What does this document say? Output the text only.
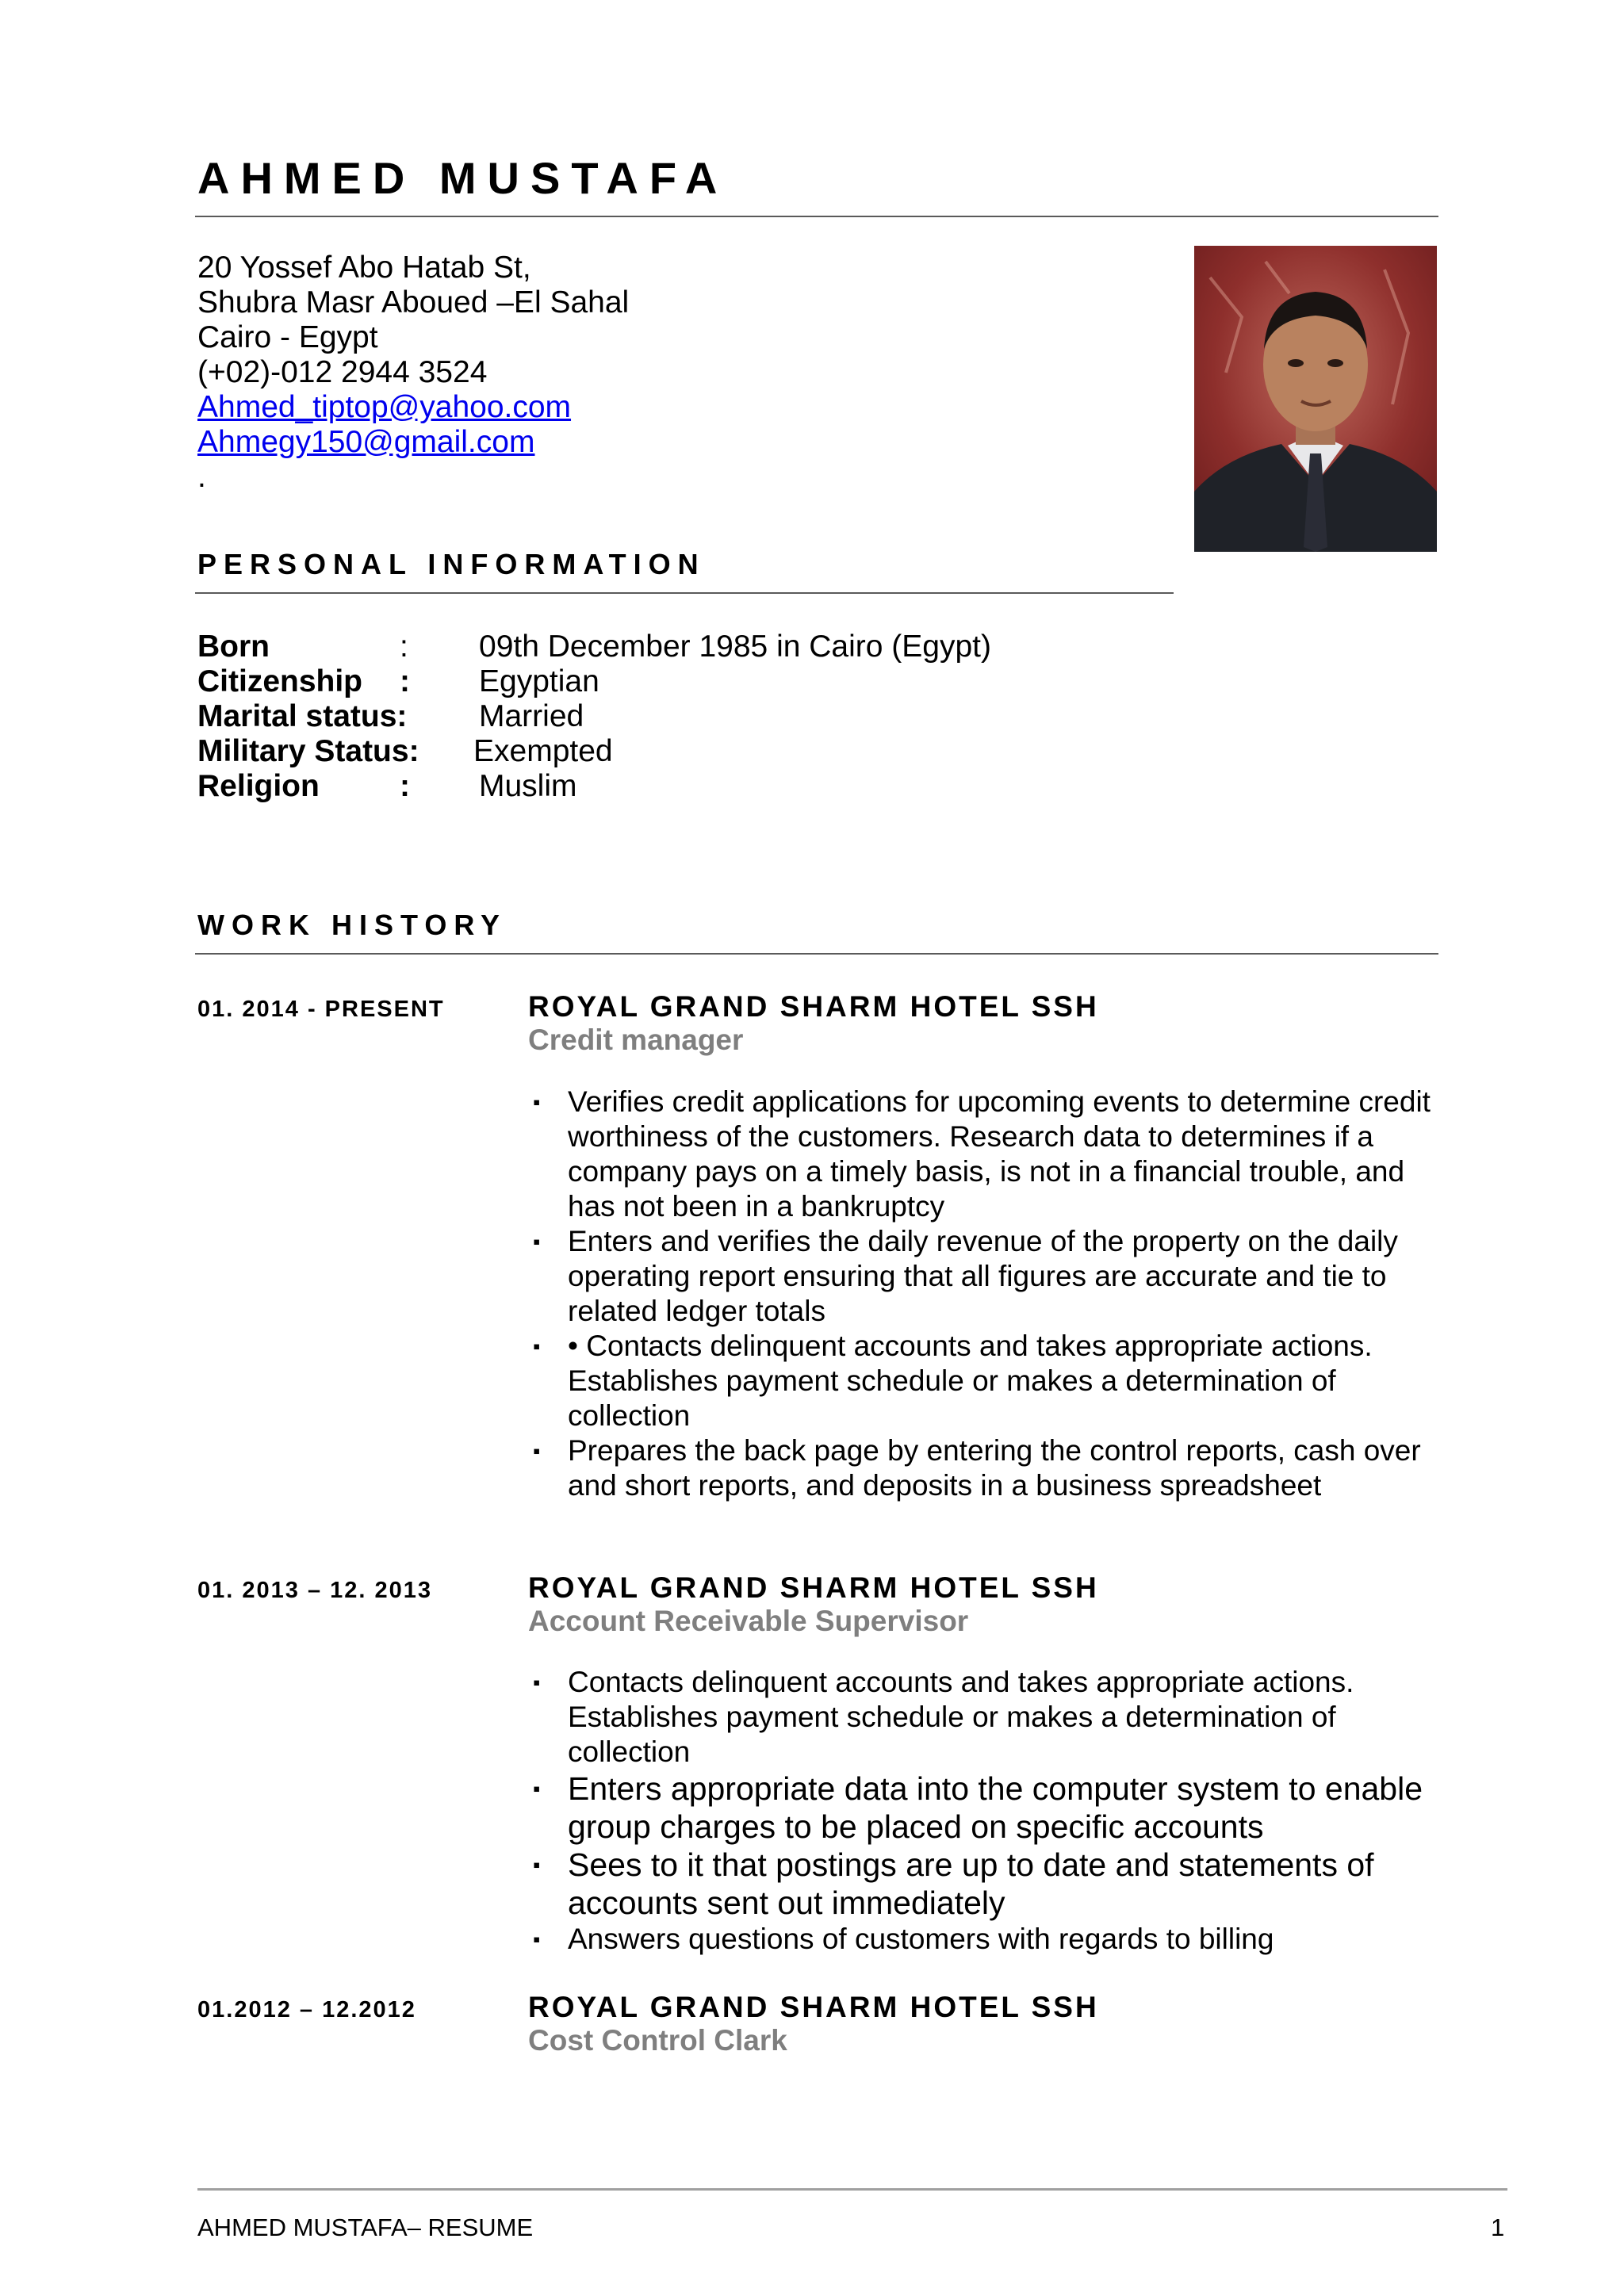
AHMED MUSTAFA
20 Yossef Abo Hatab St,
Shubra Masr Aboued –El Sahal
Cairo - Egypt
(+02)-012 2944 3524
Ahmed_tiptop@yahoo.com
Ahmegy150@gmail.com
.
PERSONAL INFORMATION
Born	: 09th December 1985 in Cairo (Egypt)
Citizenship : Egyptian
Marital status: Married
Military Status: Exempted
Religion	: Muslim
WORK HISTORY
01. 2014 - PRESENT	ROYAL GRAND SHARM HOTEL SSH
Credit manager
▪ Verifies credit applications for upcoming events to determine credit worthiness of the customers. Research data to determines if a company pays on a timely basis, is not in a financial trouble, and has not been in a bankruptcy
▪ Enters and verifies the daily revenue of the property on the daily operating report ensuring that all figures are accurate and tie to related ledger totals
▪ • Contacts delinquent accounts and takes appropriate actions. Establishes payment schedule or makes a determination of collection
▪ Prepares the back page by entering the control reports, cash over and short reports, and deposits in a business spreadsheet
01. 2013 – 12. 2013	ROYAL GRAND SHARM HOTEL SSH
Account Receivable Supervisor
▪ Contacts delinquent accounts and takes appropriate actions. Establishes payment schedule or makes a determination of collection
▪ Enters appropriate data into the computer system to enable group charges to be placed on specific accounts
▪ Sees to it that postings are up to date and statements of accounts sent out immediately
▪ Answers questions of customers with regards to billing
01.2012 – 12.2012	ROYAL GRAND SHARM HOTEL SSH
Cost Control Clark
AHMED MUSTAFA– RESUME	1
